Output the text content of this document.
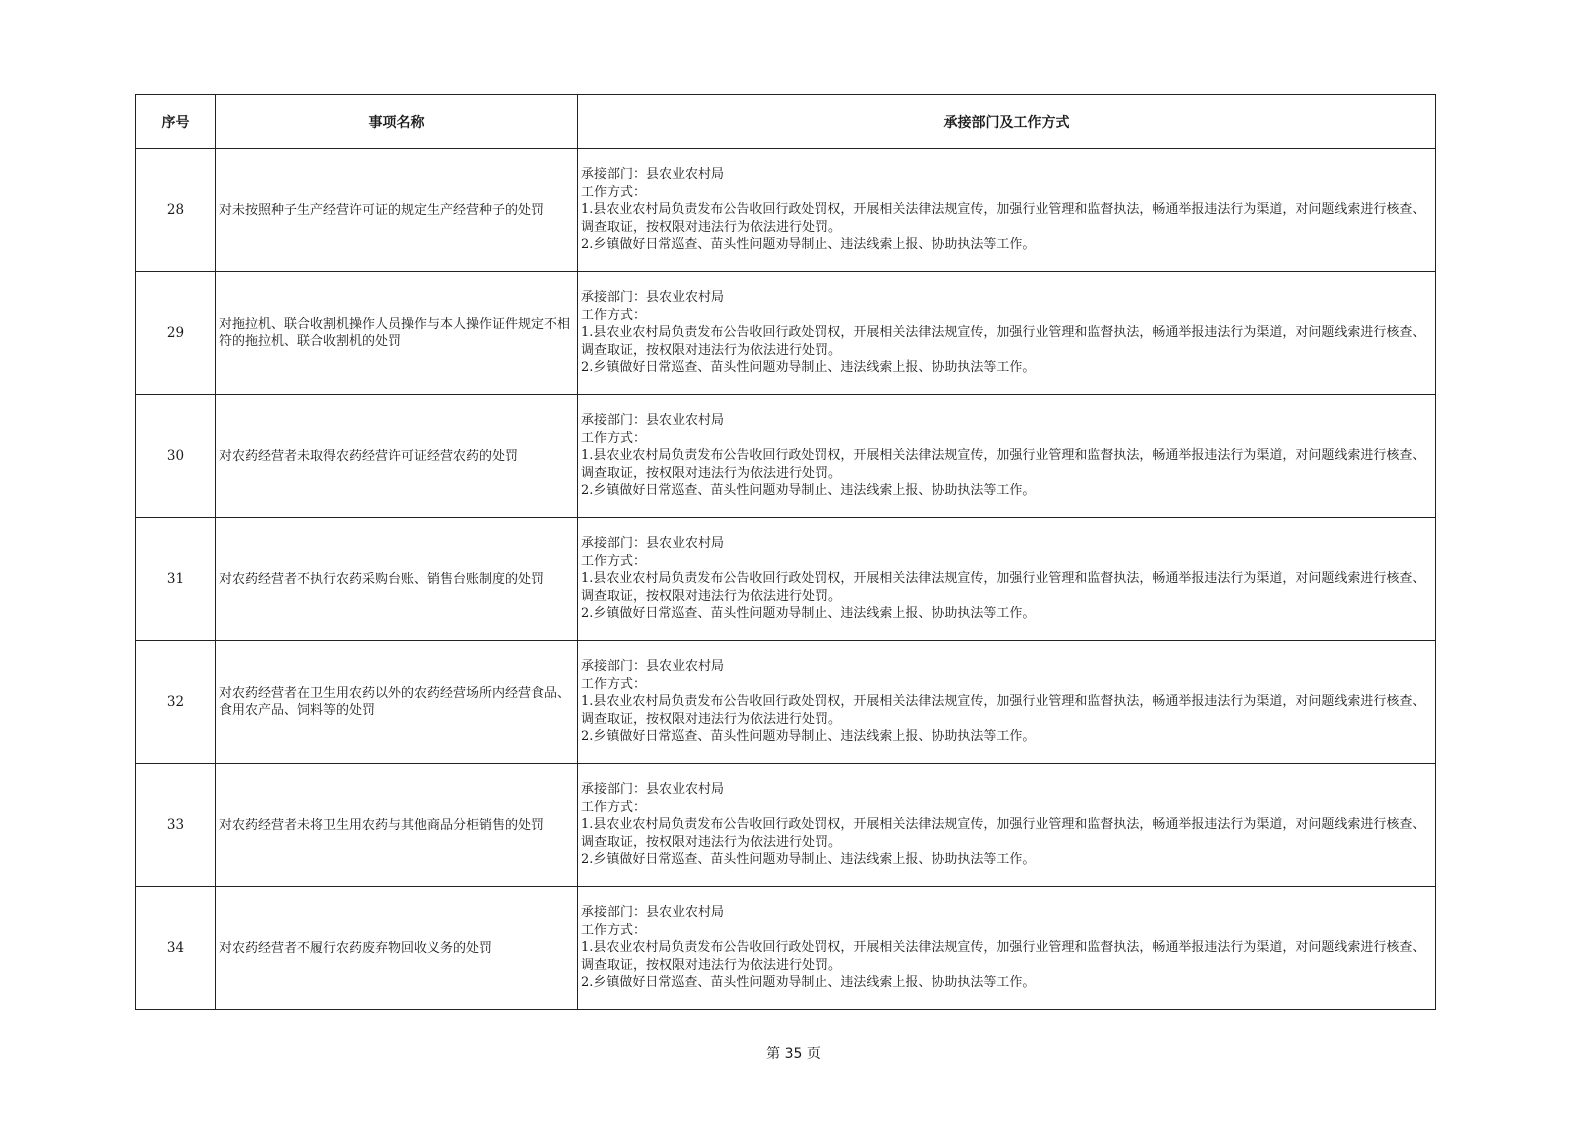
序号	事项名称	承接部门及工作方式
28	对未按照种子生产经营许可证的规定生产经营种子的处罚	承接部门：县农业农村局
工作方式：
1.县农业农村局负责发布公告收回行政处罚权，开展相关法律法规宣传，加强行业管理和监督执法，畅通举报违法行为渠道，对问题线索进行核查、调查取证，按权限对违法行为依法进行处罚。
2.乡镇做好日常巡查、苗头性问题劝导制止、违法线索上报、协助执法等工作。

29	对拖拉机、联合收割机操作人员操作与本人操作证件规定不相符的拖拉机、联合收割机的处罚	承接部门：县农业农村局
工作方式：
1.县农业农村局负责发布公告收回行政处罚权，开展相关法律法规宣传，加强行业管理和监督执法，畅通举报违法行为渠道，对问题线索进行核查、调查取证，按权限对违法行为依法进行处罚。
2.乡镇做好日常巡查、苗头性问题劝导制止、违法线索上报、协助执法等工作。

30	对农药经营者未取得农药经营许可证经营农药的处罚	承接部门：县农业农村局
工作方式：
1.县农业农村局负责发布公告收回行政处罚权，开展相关法律法规宣传，加强行业管理和监督执法，畅通举报违法行为渠道，对问题线索进行核查、调查取证，按权限对违法行为依法进行处罚。
2.乡镇做好日常巡查、苗头性问题劝导制止、违法线索上报、协助执法等工作。

31	对农药经营者不执行农药采购台账、销售台账制度的处罚	承接部门：县农业农村局
工作方式：
1.县农业农村局负责发布公告收回行政处罚权，开展相关法律法规宣传，加强行业管理和监督执法，畅通举报违法行为渠道，对问题线索进行核查、调查取证，按权限对违法行为依法进行处罚。
2.乡镇做好日常巡查、苗头性问题劝导制止、违法线索上报、协助执法等工作。

32	对农药经营者在卫生用农药以外的农药经营场所内经营食品、食用农产品、饲料等的处罚	承接部门：县农业农村局
工作方式：
1.县农业农村局负责发布公告收回行政处罚权，开展相关法律法规宣传，加强行业管理和监督执法，畅通举报违法行为渠道，对问题线索进行核查、调查取证，按权限对违法行为依法进行处罚。
2.乡镇做好日常巡查、苗头性问题劝导制止、违法线索上报、协助执法等工作。

33	对农药经营者未将卫生用农药与其他商品分柜销售的处罚	承接部门：县农业农村局
工作方式：
1.县农业农村局负责发布公告收回行政处罚权，开展相关法律法规宣传，加强行业管理和监督执法，畅通举报违法行为渠道，对问题线索进行核查、调查取证，按权限对违法行为依法进行处罚。
2.乡镇做好日常巡查、苗头性问题劝导制止、违法线索上报、协助执法等工作。

34	对农药经营者不履行农药废弃物回收义务的处罚	承接部门：县农业农村局
工作方式：
1.县农业农村局负责发布公告收回行政处罚权，开展相关法律法规宣传，加强行业管理和监督执法，畅通举报违法行为渠道，对问题线索进行核查、调查取证，按权限对违法行为依法进行处罚。
2.乡镇做好日常巡查、苗头性问题劝导制止、违法线索上报、协助执法等工作。
第 35 页
